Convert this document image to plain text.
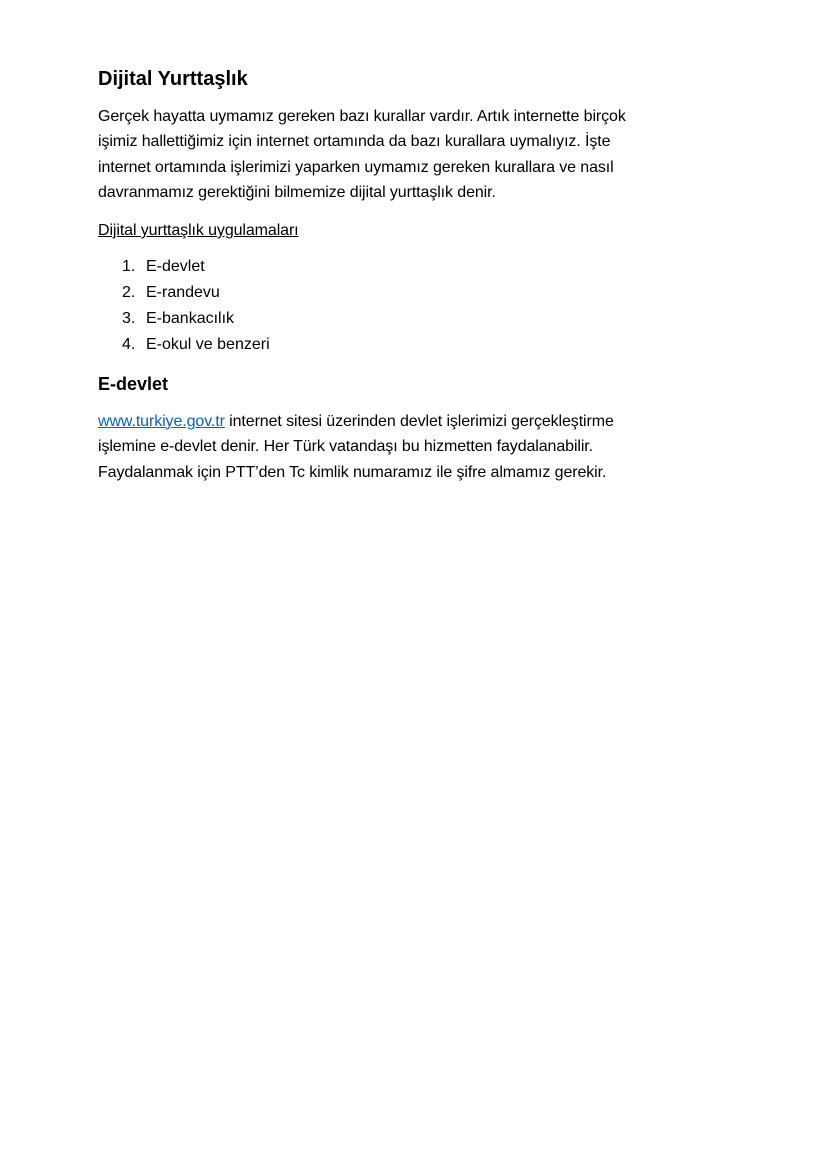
Dijital Yurttaşlık
Gerçek hayatta uymamız gereken bazı kurallar vardır. Artık internette birçok
işimiz hallettiğimiz için internet ortamında da bazı kurallara uymalıyız. İşte
internet ortamında işlerimizi yaparken uymamız gereken kurallara ve nasıl
davranmamız gerektiğini bilmemize dijital yurttaşlık denir.
Dijital yurttaşlık uygulamaları
1. E-devlet
2. E-randevu
3. E-bankacılık
4. E-okul ve benzeri
E-devlet
www.turkiye.gov.tr internet sitesi üzerinden devlet işlerimizi gerçekleştirme
işlemine e-devlet denir. Her Türk vatandaşı bu hizmetten faydalanabilir.
Faydalanmak için PTT’den Tc kimlik numaramız ile şifre almamız gerekir.
